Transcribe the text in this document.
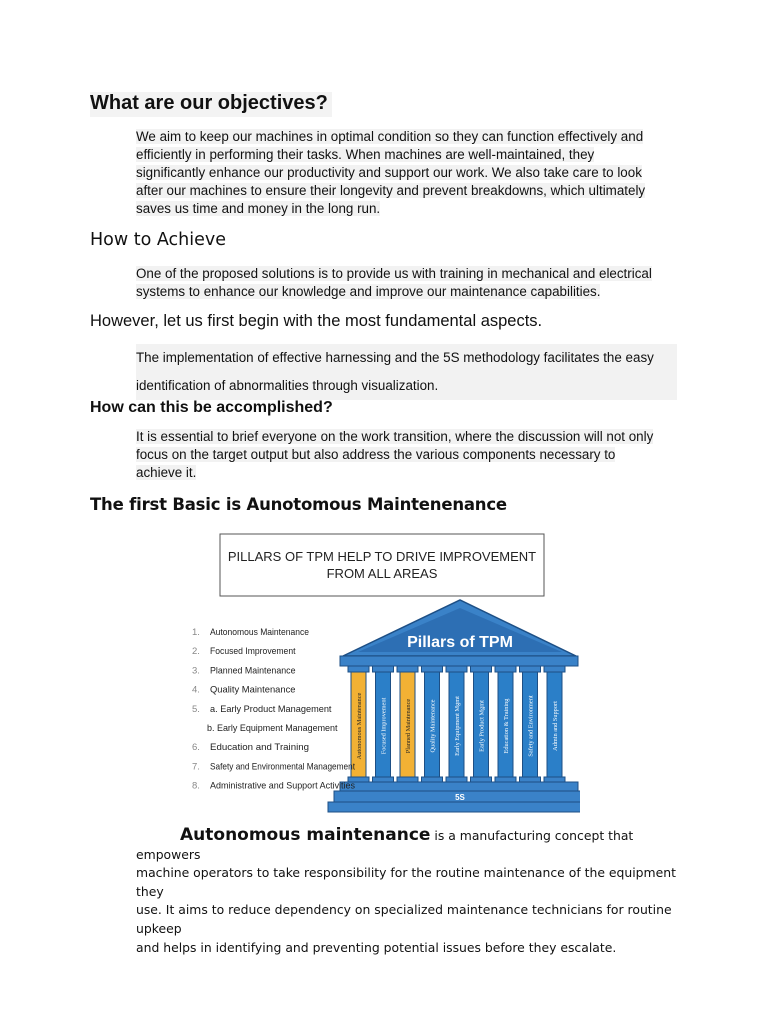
What are our objectives?
We aim to keep our machines in optimal condition so they can function effectively and
efficiently in performing their tasks. When machines are well-maintained, they
significantly enhance our productivity and support our work. We also take care to look
after our machines to ensure their longevity and prevent breakdowns, which ultimately
saves us time and money in the long run.
How to Achieve
One of the proposed solutions is to provide us with training in mechanical and electrical
systems to enhance our knowledge and improve our maintenance capabilities.
However, let us first begin with the most fundamental aspects.
The implementation of effective harnessing and the 5S methodology facilitates the easy
identification of abnormalities through visualization.
How can this be accomplished?
It is essential to brief everyone on the work transition, where the discussion will not only
focus on the target output but also address the various components necessary to
achieve it.
The first Basic is Aunotomous Maintenenance
PILLARS OF TPM HELP TO DRIVE IMPROVEMENT
FROM ALL AREAS
Pillars of TPM
Autonomous Maintenance	Focused Improvement	Planned Maintenance	Quality Maintenance	Early Equipment Mgmt	Early Product Mgmt	Education & Training	Safety and Environment	Admin and Support
5S
1. Autonomous Maintenance
2. Focused Improvement
3. Planned Maintenance
4. Quality Maintenance
5. a. Early Product Management
b. Early Equipment Management
6. Education and Training
7. Safety and Environmental Management
8. Administrative and Support Activities
Autonomous maintenance is a manufacturing concept that empowers
machine operators to take responsibility for the routine maintenance of the equipment they
use. It aims to reduce dependency on specialized maintenance technicians for routine upkeep
and helps in identifying and preventing potential issues before they escalate.
